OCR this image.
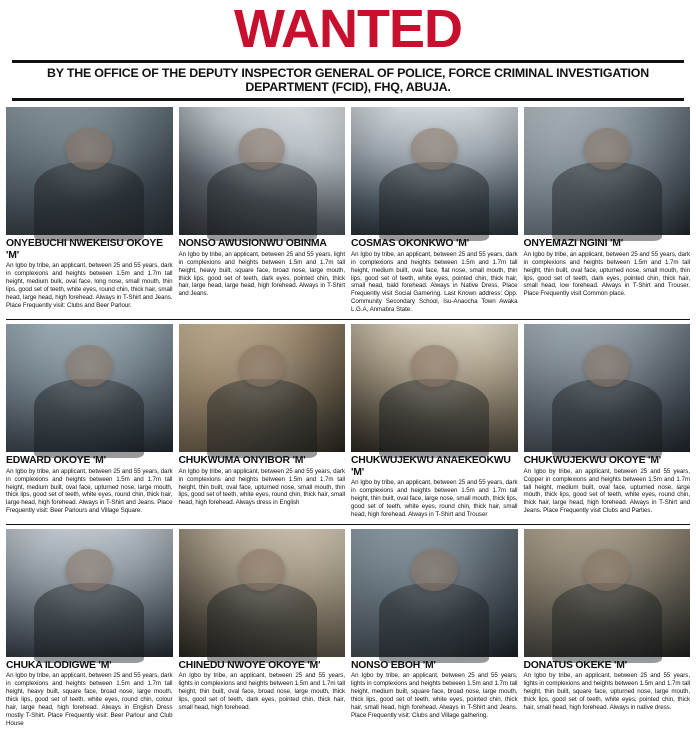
WANTED
BY THE OFFICE OF THE DEPUTY INSPECTOR GENERAL OF POLICE, FORCE CRIMINAL INVESTIGATION DEPARTMENT (FCID), FHQ, ABUJA.
ONYEBUCHI NWEKEISU OKOYE 'M'
An Igbo by tribe, an applicant, between 25 and 55 years, dark in complexions and heights between 1.5m and 1.7m tall height, medium bulk, oval face, long nose, small mouth, thin lips, good set of teeth, white eyes, round chin, thick hair, small head, large head, high forehead. Always in T-Shirt and Jeans. Place Frequently visit: Clubs and Beer Parlour.
NONSO AWUSIONWU OBINMA
An Igbo by tribe, an applicant, between 25 and 55 years, light in complexions and heights between 1.5m and 1.7m tall height, heavy built, square face, broad nose, large mouth, thick lips, good set of teeth, dark eyes, pointed chin, thick hair, large head, large head, high forehead. Always in T-Shirt and Jeans.
COSMAS OKONKWO 'M'
An Igbo by tribe, an applicant, between 25 and 55 years, dark in complexions and heights between 1.5m and 1.7m tall height, medium built, oval face, flat nose, small mouth, thin lips, good set of teeth, white eyes, pointed chin, thick hair, small head, bald forehead. Always in Native Dress. Place Frequently visit Social Gamering. Last Known address: Opp. Community Secondary School, Isu-Anaocha Town Awaka L.G.A, Anmabra State.
ONYEMAZI NGINI 'M'
An Igbo by tribe, an applicant, between 25 and 55 years, dark in complexions and heights between 1.5m and 1.7m tall height, thin built, oval face, upturned nose, small mouth, thin lips, good set of teeth, dark eyes, pointed chin, thick hair, small head, low forehead. Always in T-Shirt and Trouser. Place Frequently visit Common place.
EDWARD OKOYE 'M'
An Igbo by tribe, an applicant, between 25 and 55 years, dark in complexions and heights between 1.5m and 1.7m tall height, medium built, oval face, upturned nose, large mouth, thick lips, good set of teeth, white eyes, round chin, thick hair, large head, high forehead. Always in T-Shirt and Jeans. Place Frequently visit: Beer Parlours and Village Square.
CHUKWUMA ONYIBOR 'M'
An Igbo by tribe, an applicant, between 25 and 55 years, dark in complexions and heights between 1.5m and 1.7m tall height, thin built, oval face, upturned nose, small mouth, thin lips, good set of teeth, white eyes, round chin, thick hair, small head, high forehead. Always dress in English
CHUKWUJEKWU ANAEKEOKWU 'M'
An Igbo by tribe, an applicant, between 25 and 55 years, dark in complexions and heights between 1.5m and 1.7m tall height, thin built, oval face, large nose, small mouth, thick lips, good set of teeth, white eyes, round chin, thick hair, small head, high forehead. Always in T-Shirt and Trouser
CHUKWUJEKWU OKOYE 'M'
An Igbo by tribe, an applicant, between 25 and 55 years, Copper in complexions and heights between 1.5m and 1.7m tall height, medium built, oval face, upturned nose, large mouth, thick lips, good set of teeth, white eyes, round chin, thick hair, large head, high forehead. Always in T-Shirt and Jeans. Place Frequently visit Clubs and Parties.
CHUKA ILODIGWE 'M'
An Igbo by tribe, an applicant, between 25 and 55 years, dark in complexions and heights between 1.5m and 1.7m tall height, heavy built, square face, broad nose, large mouth, thick lips, good set of teeth, white eyes, round chin, colour hair, large head, high forehead. Always in English Dress mostly T-Shirt. Place Frequently visit: Beer Parlour and Club House
CHINEDU NWOYE OKOYE 'M'
An Igbo by tribe, an applicant, between 25 and 55 years, lights in complexions and heights between 1.5m and 1.7m tall height, thin built, oval face, broad nose, large mouth, thick lips, good set of teeth, dark eyes, pointed chin, thick hair, small head, high forehead.
NONSO EBOH 'M'
An Igbo by tribe, an applicant, between 25 and 55 years, lights in complexions and heights between 1.5m and 1.7m tall height, medium built, square face, broad nose, large mouth, thick lips, good set of teeth, white eyes, pointed chin, thick hair, small head, high forehead. Always in T-Shirt and Jeans. Place Frequently visit: Clubs and Village gathering.
DONATUS OKEKE 'M'
An Igbo by tribe, an applicant, between 25 and 55 years, lights in complexions and heights between 1.5m and 1.7m tall height, thin built, square face, upturned nose, large mouth, thick lips, good set of teeth, white eyes, pointed chin, thick hair, small head, high forehead. Always in native dress.
